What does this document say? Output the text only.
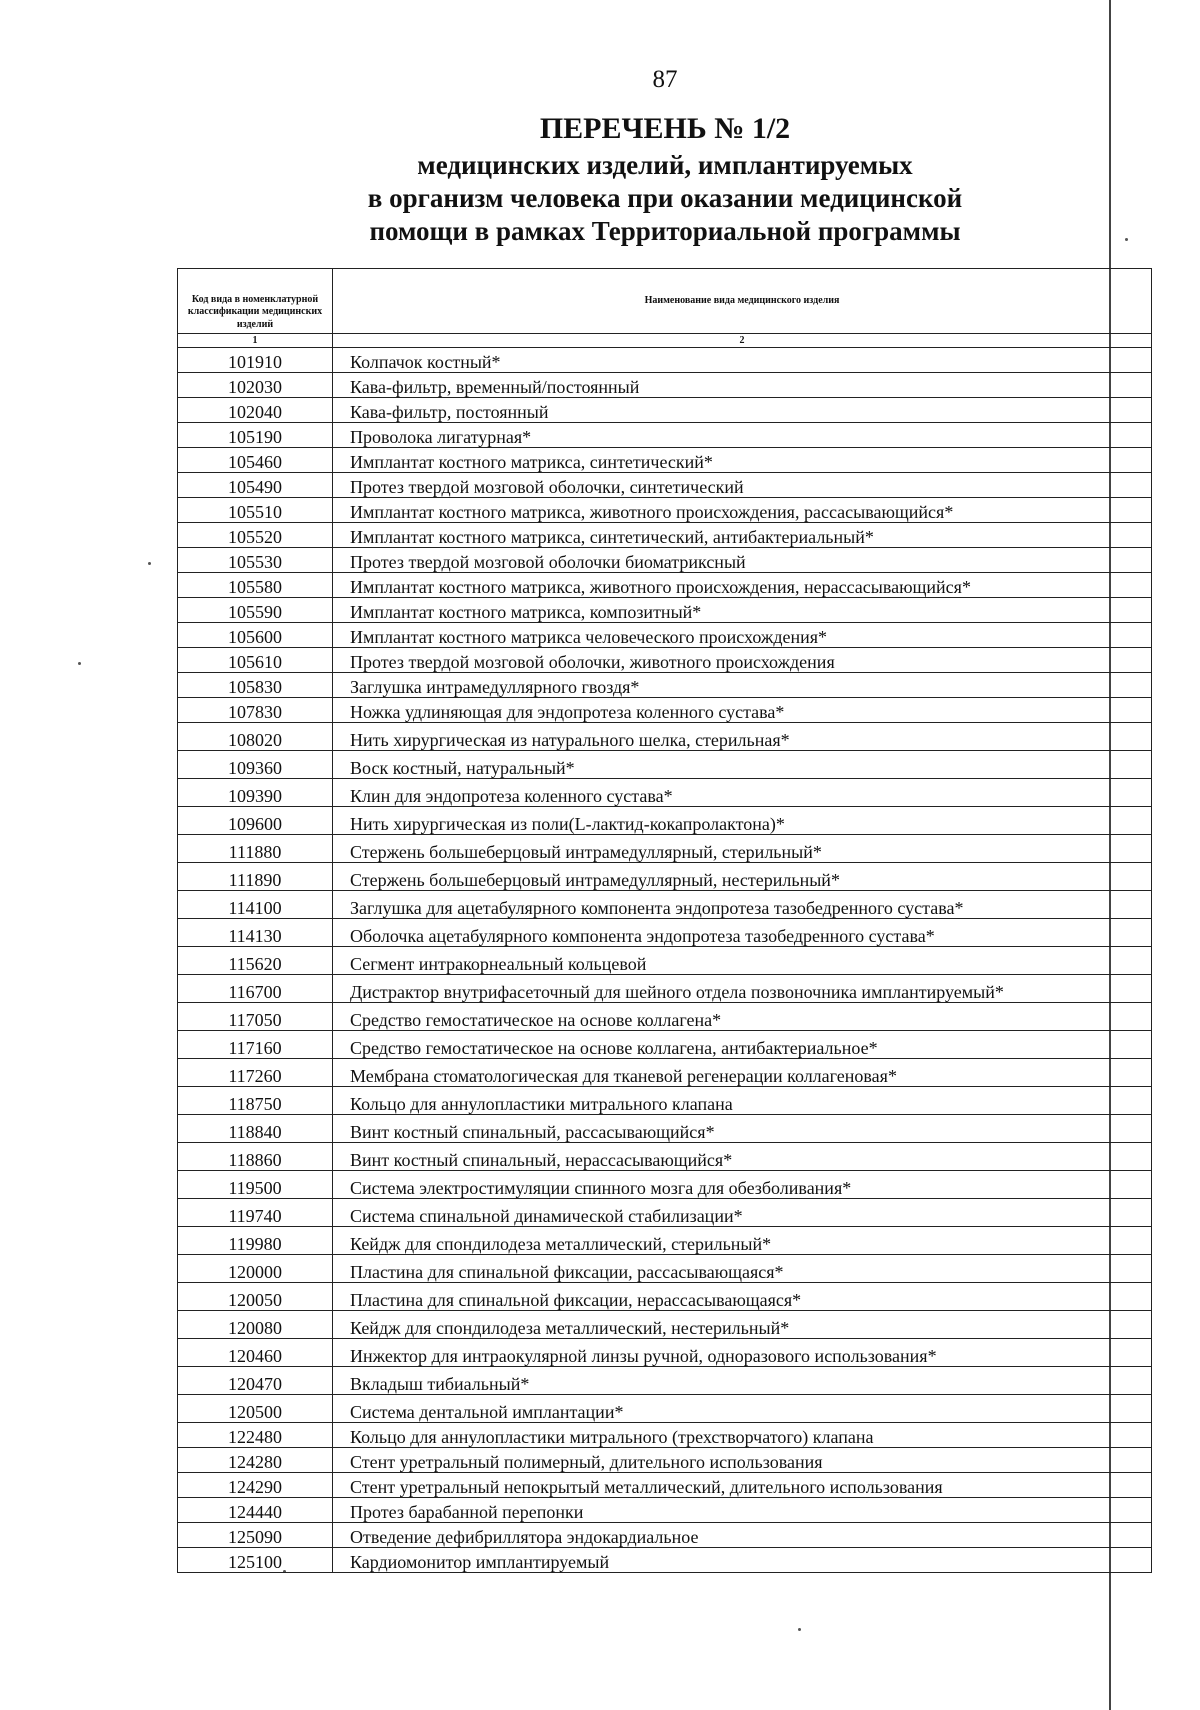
87
ПЕРЕЧЕНЬ № 1/2
медицинских изделий, имплантируемых
в организм человека при оказании медицинской
помощи в рамках Территориальной программы
Код вида в номенклатурной классификации медицинских изделий	Наименование вида медицинского изделия
1	2
101910	Колпачок костный*
102030	Кава-фильтр, временный/постоянный
102040	Кава-фильтр, постоянный
105190	Проволока лигатурная*
105460	Имплантат костного матрикса, синтетический*
105490	Протез твердой мозговой оболочки, синтетический
105510	Имплантат костного матрикса, животного происхождения, рассасывающийся*
105520	Имплантат костного матрикса, синтетический, антибактериальный*
105530	Протез твердой мозговой оболочки биоматриксный
105580	Имплантат костного матрикса, животного происхождения, нерассасывающийся*
105590	Имплантат костного матрикса, композитный*
105600	Имплантат костного матрикса человеческого происхождения*
105610	Протез твердой мозговой оболочки, животного происхождения
105830	Заглушка интрамедуллярного гвоздя*
107830	Ножка удлиняющая для эндопротеза коленного сустава*
108020	Нить хирургическая из натурального шелка, стерильная*
109360	Воск костный, натуральный*
109390	Клин для эндопротеза коленного сустава*
109600	Нить хирургическая из поли(L-лактид-кокапролактона)*
111880	Стержень большеберцовый интрамедуллярный, стерильный*
111890	Стержень большеберцовый интрамедуллярный, нестерильный*
114100	Заглушка для ацетабулярного компонента эндопротеза тазобедренного сустава*
114130	Оболочка ацетабулярного компонента эндопротеза тазобедренного сустава*
115620	Сегмент интракорнеальный кольцевой
116700	Дистрактор внутрифасеточный для шейного отдела позвоночника имплантируемый*
117050	Средство гемостатическое на основе коллагена*
117160	Средство гемостатическое на основе коллагена, антибактериальное*
117260	Мембрана стоматологическая для тканевой регенерации коллагеновая*
118750	Кольцо для аннулопластики митрального клапана
118840	Винт костный спинальный, рассасывающийся*
118860	Винт костный спинальный, нерассасывающийся*
119500	Система электростимуляции спинного мозга для обезболивания*
119740	Система спинальной динамической стабилизации*
119980	Кейдж для спондилодеза металлический, стерильный*
120000	Пластина для спинальной фиксации, рассасывающаяся*
120050	Пластина для спинальной фиксации, нерассасывающаяся*
120080	Кейдж для спондилодеза металлический, нестерильный*
120460	Инжектор для интраокулярной линзы ручной, одноразового использования*
120470	Вкладыш тибиальный*
120500	Система дентальной имплантации*
122480	Кольцо для аннулопластики митрального (трехстворчатого) клапана
124280	Стент уретральный полимерный, длительного использования
124290	Стент уретральный непокрытый металлический, длительного использования
124440	Протез барабанной перепонки
125090	Отведение дефибриллятора эндокардиальное
125100	Кардиомонитор имплантируемый
